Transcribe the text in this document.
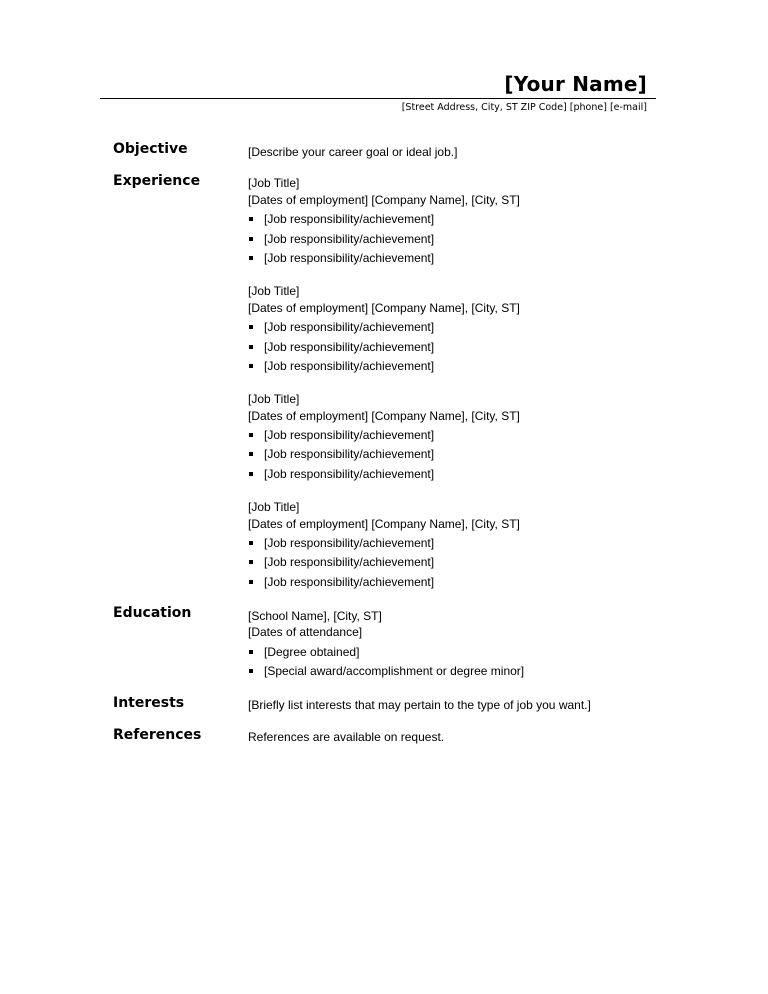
[Your Name]
[Street Address, City, ST ZIP Code] [phone] [e-mail]
Objective	[Describe your career goal or ideal job.]
Experience	[Job Title]
[Dates of employment] [Company Name], [City, ST]
[Job responsibility/achievement]
[Job responsibility/achievement]
[Job responsibility/achievement]
[Job Title]
[Dates of employment] [Company Name], [City, ST]
[Job responsibility/achievement]
[Job responsibility/achievement]
[Job responsibility/achievement]
[Job Title]
[Dates of employment] [Company Name], [City, ST]
[Job responsibility/achievement]
[Job responsibility/achievement]
[Job responsibility/achievement]
[Job Title]
[Dates of employment] [Company Name], [City, ST]
[Job responsibility/achievement]
[Job responsibility/achievement]
[Job responsibility/achievement]
Education	[School Name], [City, ST]
[Dates of attendance]
[Degree obtained]
[Special award/accomplishment or degree minor]
Interests	[Briefly list interests that may pertain to the type of job you want.]
References	References are available on request.
